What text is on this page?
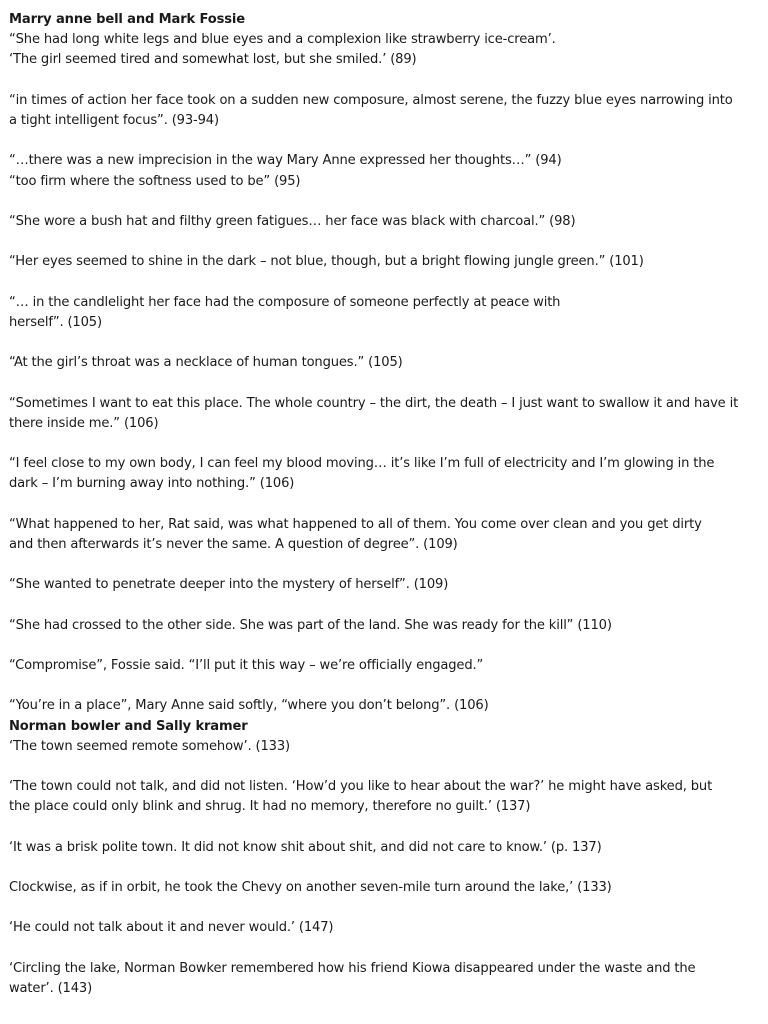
Marry anne bell and Mark Fossie
“She had long white legs and blue eyes and a complexion like strawberry ice-cream’.
‘The girl seemed tired and somewhat lost, but she smiled.’ (89)
“in times of action her face took on a sudden new composure, almost serene, the fuzzy blue eyes narrowing into
a tight intelligent focus”. (93-94)
“…there was a new imprecision in the way Mary Anne expressed her thoughts…” (94)
“too firm where the softness used to be” (95)
“She wore a bush hat and filthy green fatigues… her face was black with charcoal.” (98)
“Her eyes seemed to shine in the dark – not blue, though, but a bright flowing jungle green.” (101)
“… in the candlelight her face had the composure of someone perfectly at peace with
herself”. (105)
“At the girl’s throat was a necklace of human tongues.” (105)
“Sometimes I want to eat this place. The whole country – the dirt, the death – I just want to swallow it and have it
there inside me.” (106)
“I feel close to my own body, I can feel my blood moving… it’s like I’m full of electricity and I’m glowing in the
dark – I’m burning away into nothing.” (106)
“What happened to her, Rat said, was what happened to all of them. You come over clean and you get dirty
and then afterwards it’s never the same. A question of degree”. (109)
“She wanted to penetrate deeper into the mystery of herself”. (109)
“She had crossed to the other side. She was part of the land. She was ready for the kill” (110)
“Compromise”, Fossie said. “I’ll put it this way – we’re officially engaged.”
“You’re in a place”, Mary Anne said softly, “where you don’t belong”. (106)
Norman bowler and Sally kramer
‘The town seemed remote somehow’. (133)
‘The town could not talk, and did not listen. ‘How’d you like to hear about the war?’ he might have asked, but
the place could only blink and shrug. It had no memory, therefore no guilt.’ (137)
‘It was a brisk polite town. It did not know shit about shit, and did not care to know.’ (p. 137)
Clockwise, as if in orbit, he took the Chevy on another seven-mile turn around the lake,’ (133)
‘He could not talk about it and never would.’ (147)
‘Circling the lake, Norman Bowker remembered how his friend Kiowa disappeared under the waste and the
water’. (143)
